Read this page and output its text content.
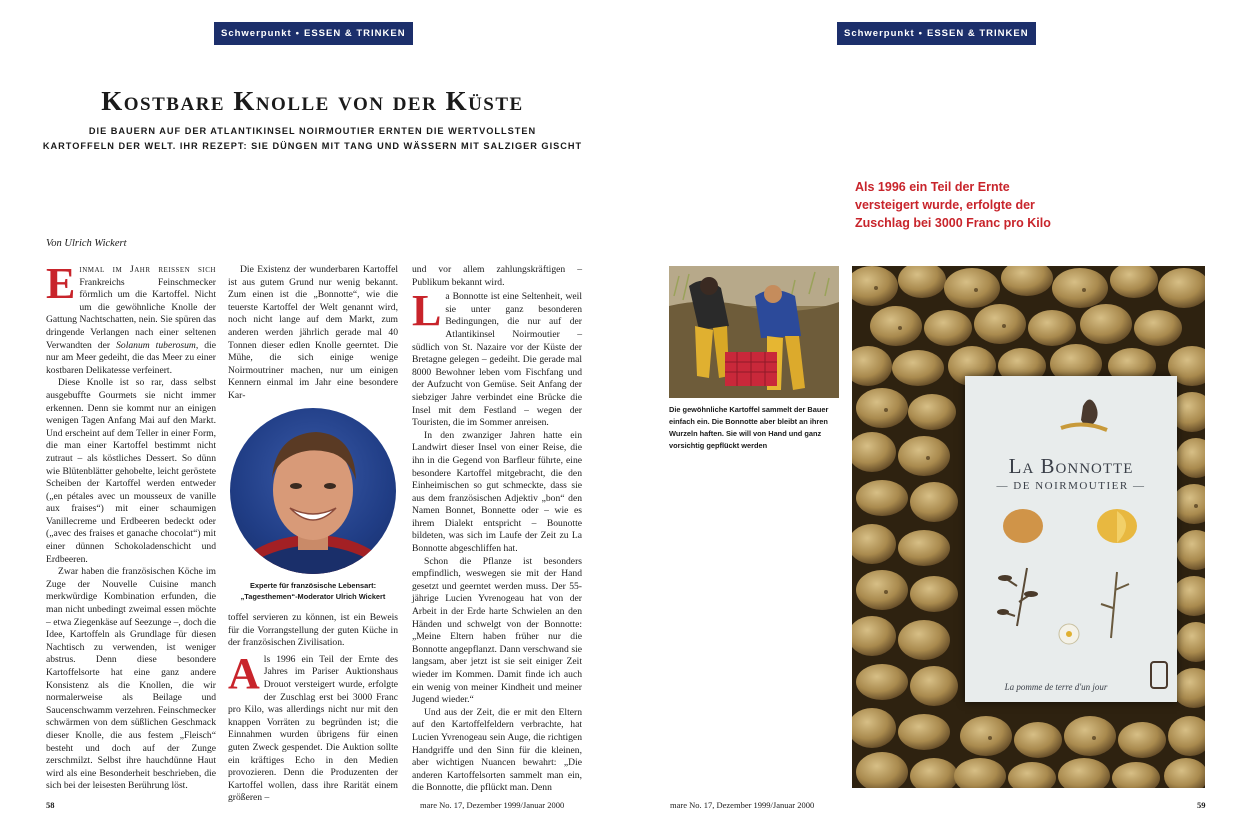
Schwerpunkt • ESSEN & TRINKEN
Kostbare Knolle von der Küste
DIE BAUERN AUF DER ATLANTIKINSEL NOIRMOUTIER ERNTEN DIE WERTVOLLSTEN
KARTOFFELN DER WELT. IHR REZEPT: SIE DÜNGEN MIT TANG UND WÄSSERN MIT SALZIGER GISCHT
Von Ulrich Wickert

Einmal im Jahr reissen sich Frankreichs Feinschmecker förmlich um die Kartoffel. Nicht um die gewöhnliche Knolle der Gattung Nachtschatten, nein. Sie spüren das dringende Verlangen nach einer seltenen Verwandten der Solanum tuberosum, die nur am Meer gedeiht, die das Meer zu einer kostbaren Delikatesse verfeinert.

Diese Knolle ist so rar, dass selbst ausgebuffte Gourmets sie nicht immer erkennen. Denn sie kommt nur an einigen wenigen Tagen Anfang Mai auf den Markt. Und erscheint auf dem Teller in einer Form, die man einer Kartoffel bestimmt nicht zutraut – als köstliches Dessert. So dünn wie Blütenblätter gehobelte, leicht geröstete Scheiben der Kartoffel werden entweder („en pétales avec un mousseux de vanille aux fraises“) mit einer schaumigen Vanillecreme und Erdbeeren bedeckt oder („avec des fraises et ganache chocolat“) mit einer dünnen Schokoladenschicht und Erdbeeren.

Zwar haben die französischen Köche im Zuge der Nouvelle Cuisine manch merkwürdige Kombination erfunden, die man nicht unbedingt zweimal essen möchte – etwa Ziegenkäse auf Seezunge –, doch die Idee, Kartoffeln als Grundlage für diesen Nachtisch zu verwenden, ist weniger abstrus. Denn diese besondere Kartoffelsorte hat eine ganz andere Konsistenz als die Knollen, die wir normalerweise als Beilage und Saucenschwamm verzehren. Feinschmecker schwärmen von dem süßlichen Geschmack dieser Knolle, die aus festem „Fleisch“ besteht und doch auf der Zunge zerschmilzt. Selbst ihre hauchdünne Haut wird als eine Besonderheit beschrieben, die sich bei der leisesten Berührung löst.

Die Existenz der wunderbaren Kartoffel ist aus gutem Grund nur wenig bekannt. Zum einen ist die „Bonnotte“, wie die teuerste Kartoffel der Welt genannt wird, noch nicht lange auf dem Markt, zum anderen werden jährlich gerade mal 40 Tonnen dieser edlen Knolle geerntet. Die Mühe, die sich einige wenige Noirmoutriner machen, nur um einigen Kennern einmal im Jahr eine besondere Kar-

Experte für französische Lebensart:
„Tagesthemen“-Moderator Ulrich Wickert

toffel servieren zu können, ist ein Beweis für die Vorrangstellung der guten Küche in der französischen Zivilisation.

Als 1996 ein Teil der Ernte des Jahres im Pariser Auktionshaus Drouot versteigert wurde, erfolgte der Zuschlag erst bei 3000 Franc pro Kilo, was allerdings nicht nur mit den knappen Vorräten zu begründen ist; die Einnahmen wurden übrigens für einen guten Zweck gespendet. Die Auktion sollte ein kräftiges Echo in den Medien provozieren. Denn die Produzenten der Kartoffel wollen, dass ihre Rarität einem größeren –

und vor allem zahlungskräftigen – Publikum bekannt wird.

La Bonnotte ist eine Seltenheit, weil sie unter ganz besonderen Bedingungen, die nur auf der Atlantikinsel Noirmoutier – südlich von St. Nazaire vor der Küste der Bretagne gelegen – gedeiht. Die gerade mal 8000 Bewohner leben vom Fischfang und der Aufzucht von Gemüse. Seit Anfang der siebziger Jahre verbindet eine Brücke die Insel mit dem Festland – wegen der Touristen, die im Sommer anreisen.

In den zwanziger Jahren hatte ein Landwirt dieser Insel von einer Reise, die ihn in die Gegend von Barfleur führte, eine besondere Kartoffel mitgebracht, die den Einheimischen so gut schmeckte, dass sie aus dem französischen Adjektiv „bon“ den Namen Bonnet, Bonnette oder – wie es ihrem Dialekt entspricht – Bounotte bildeten, was sich im Laufe der Zeit zu La Bonnotte abgeschliffen hat.

Schon die Pflanze ist besonders empfindlich, weswegen sie mit der Hand gesetzt und geerntet werden muss. Der 55-jährige Lucien Yvrenogeau hat von der Arbeit in der Erde harte Schwielen an den Händen und schwelgt von der Bonnotte: „Meine Eltern haben früher nur die Bonnotte angepflanzt. Dann verschwand sie langsam, aber jetzt ist sie seit einiger Zeit wieder im Kommen. Damit finde ich auch ein wenig von meiner Kindheit und meiner Jugend wieder.“

Und aus der Zeit, die er mit den Eltern auf den Kartoffelfeldern verbrachte, hat Lucien Yvrenogeau sein Auge, die richtigen Handgriffe und den Sinn für die kleinen, aber wichtigen Nuancen bewahrt: „Die anderen Kartoffelsorten sammelt man ein, die Bonnotte, die pflückt man. Denn

58	mare No. 17, Dezember 1999/Januar 2000
Schwerpunkt • ESSEN & TRINKEN
Als 1996 ein Teil der Ernte
versteigert wurde, erfolgte der
Zuschlag bei 3000 Franc pro Kilo
Die gewöhnliche Kartoffel sammelt der Bauer einfach ein. Die Bonnotte aber bleibt an ihren Wurzeln haften. Sie will von Hand und ganz vorsichtig gepflückt werden
La Bonnotte
— DE NOIRMOUTIER —
La pomme de terre d'un jour
mare No. 17, Dezember 1999/Januar 2000	59
